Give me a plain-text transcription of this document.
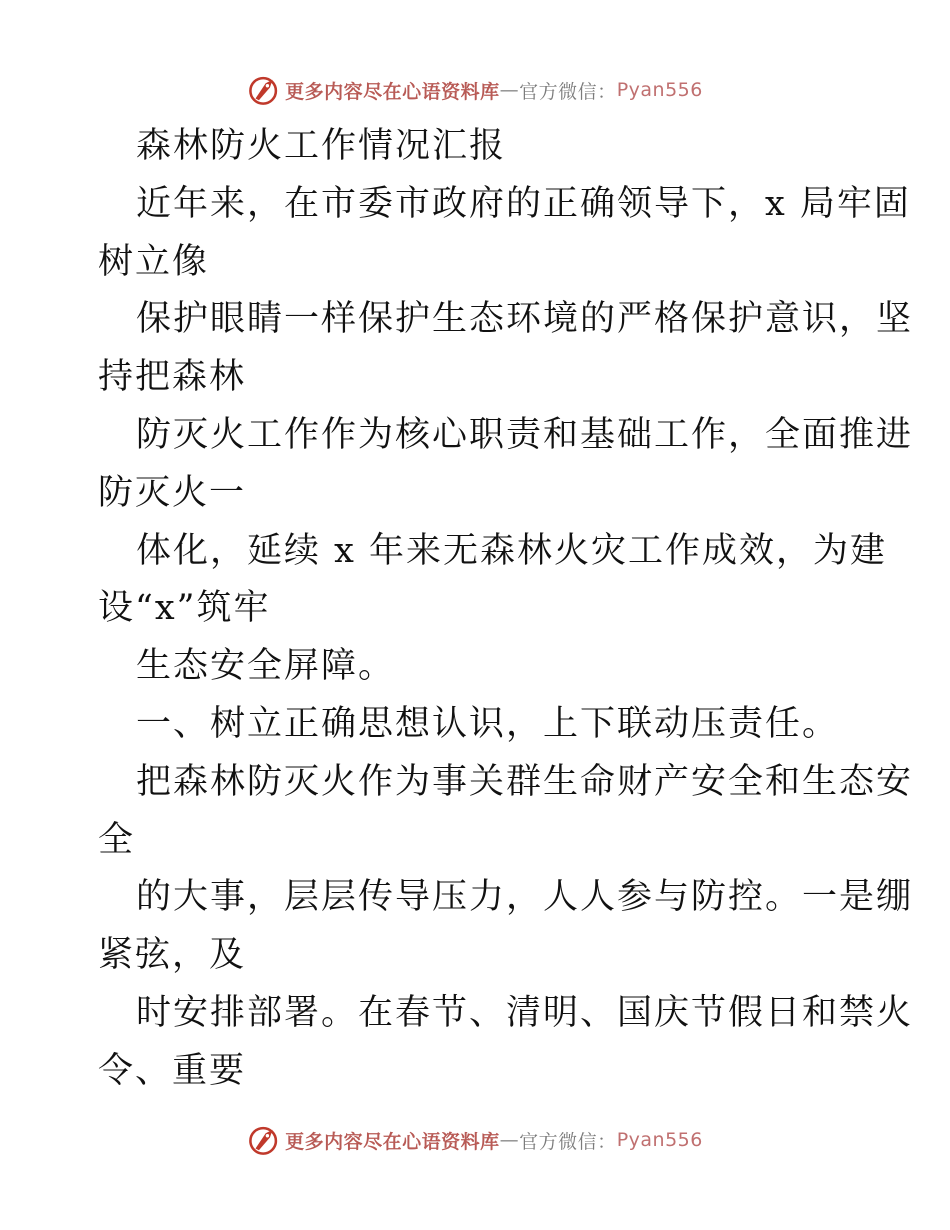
更多内容尽在心语资料库 — 官方微信： Pyan556
森林防火工作情况汇报
近年来，在市委市政府的正确领导下，x 局牢固
树立像
保护眼睛一样保护生态环境的严格保护意识，坚
持把森林
防灭火工作作为核心职责和基础工作，全面推进
防灭火一
体化，延续 x 年来无森林火灾工作成效，为建
设“x”筑牢
生态安全屏障。
一、树立正确思想认识，上下联动压责任。
把森林防灭火作为事关群生命财产安全和生态安
全
的大事，层层传导压力，人人参与防控。一是绷
紧弦，及
时安排部署。在春节、清明、国庆节假日和禁火
令、重要
更多内容尽在心语资料库 — 官方微信： Pyan556
